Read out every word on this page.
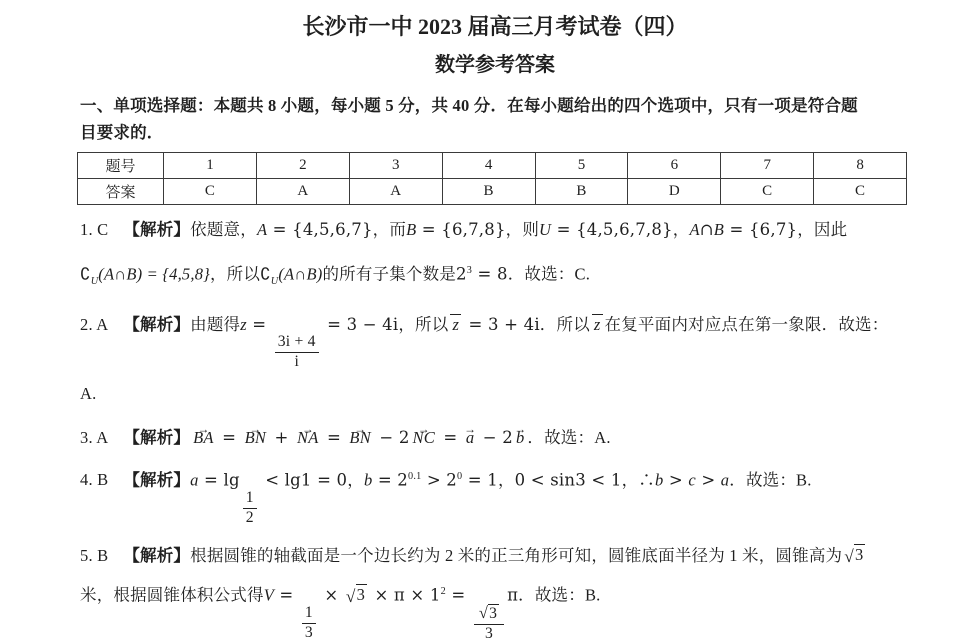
长沙市一中 2023 届高三月考试卷（四）
数学参考答案
一、单项选择题：本题共 8 小题，每小题 5 分，共 40 分．在每小题给出的四个选项中，只有一项是符合题
目要求的．
题号	1	2	3	4	5	6	7	8
答案	C	A	A	B	B	D	C	C
1. C 【解析】依题意，A = {4,5,6,7}，而B = {6,7,8}，则U = {4,5,6,7,8}，A∩B = {6,7}，因此
$∁_U(A\cap B) = \{4,5,8\}$，所以$∁_U(A\cap B)$的所有子集个数是$2^3 = 8$．故选：C.
2. A 【解析】由题得z =
$\frac{3i + 4}{i}$
= 3 − 4i，所以 z = 3 + 4i．所以 z 在复平面内对应点在第一象限．故选：
A.
3. A 【解析】 → BA = → BN + → NA = → BN − 2 → NC = → a − 2 → b ．故选：A.
4. B 【解析】a = lg
$\frac{1}{2}$
< lg1 = 0，$b = 2^{0.1} > 2^0 = 1$，0 < sin3 < 1，∴b > c > a．故选：B.
5. B 【解析】根据圆锥的轴截面是一个边长约为 2 米的正三角形可知，圆锥底面半径为 1 米，圆锥高为 √ 3
米，根据圆锥体积公式得V =
$\frac{1}{3}$
× √ $3 \times \pi \times 1^2$ =
√
$\frac{3}{3}$
π．故选：B.
